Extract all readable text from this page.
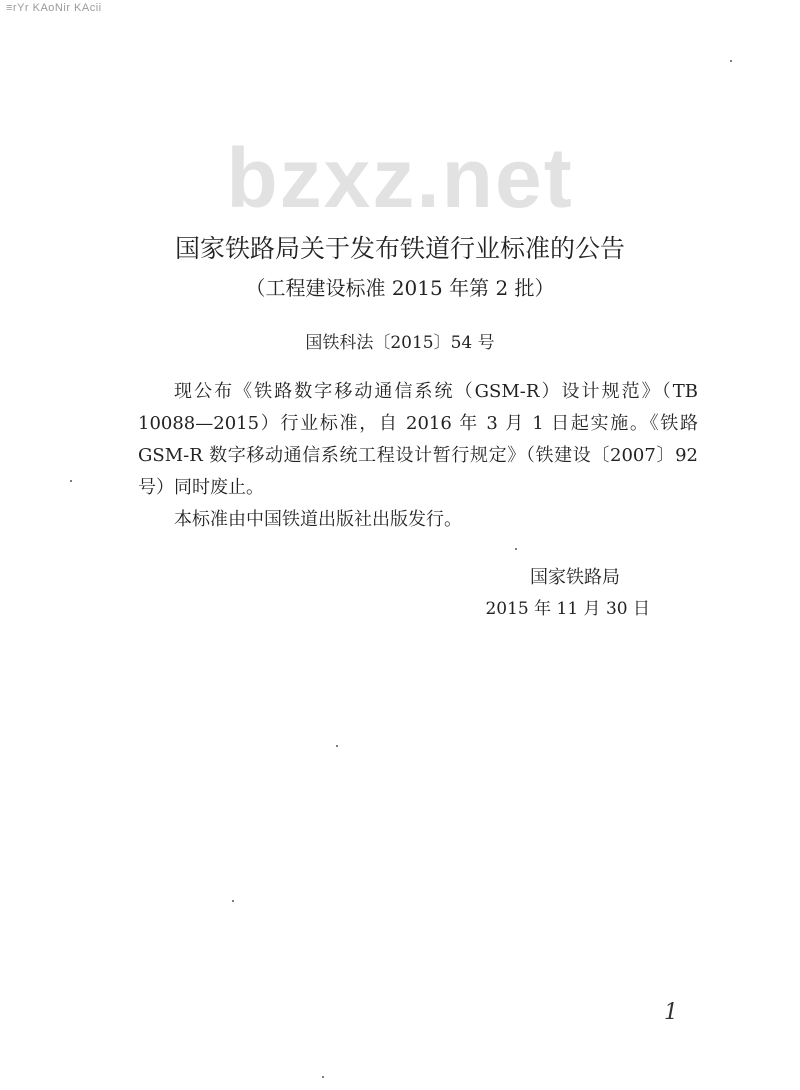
≡rYr KAoNir KAcii
bzxz.net
国家铁路局关于发布铁道行业标准的公告
（工程建设标准 2015 年第 2 批）
国铁科法〔2015〕54 号

现公布《铁路数字移动通信系统（GSM-R）设计规范》（TB 10088—2015）行业标准，自 2016 年 3 月 1 日起实施。《铁路 GSM-R 数字移动通信系统工程设计暂行规定》（铁建设〔2007〕92 号）同时废止。

本标准由中国铁道出版社出版发行。

国家铁路局
2015 年 11 月 30 日
1
